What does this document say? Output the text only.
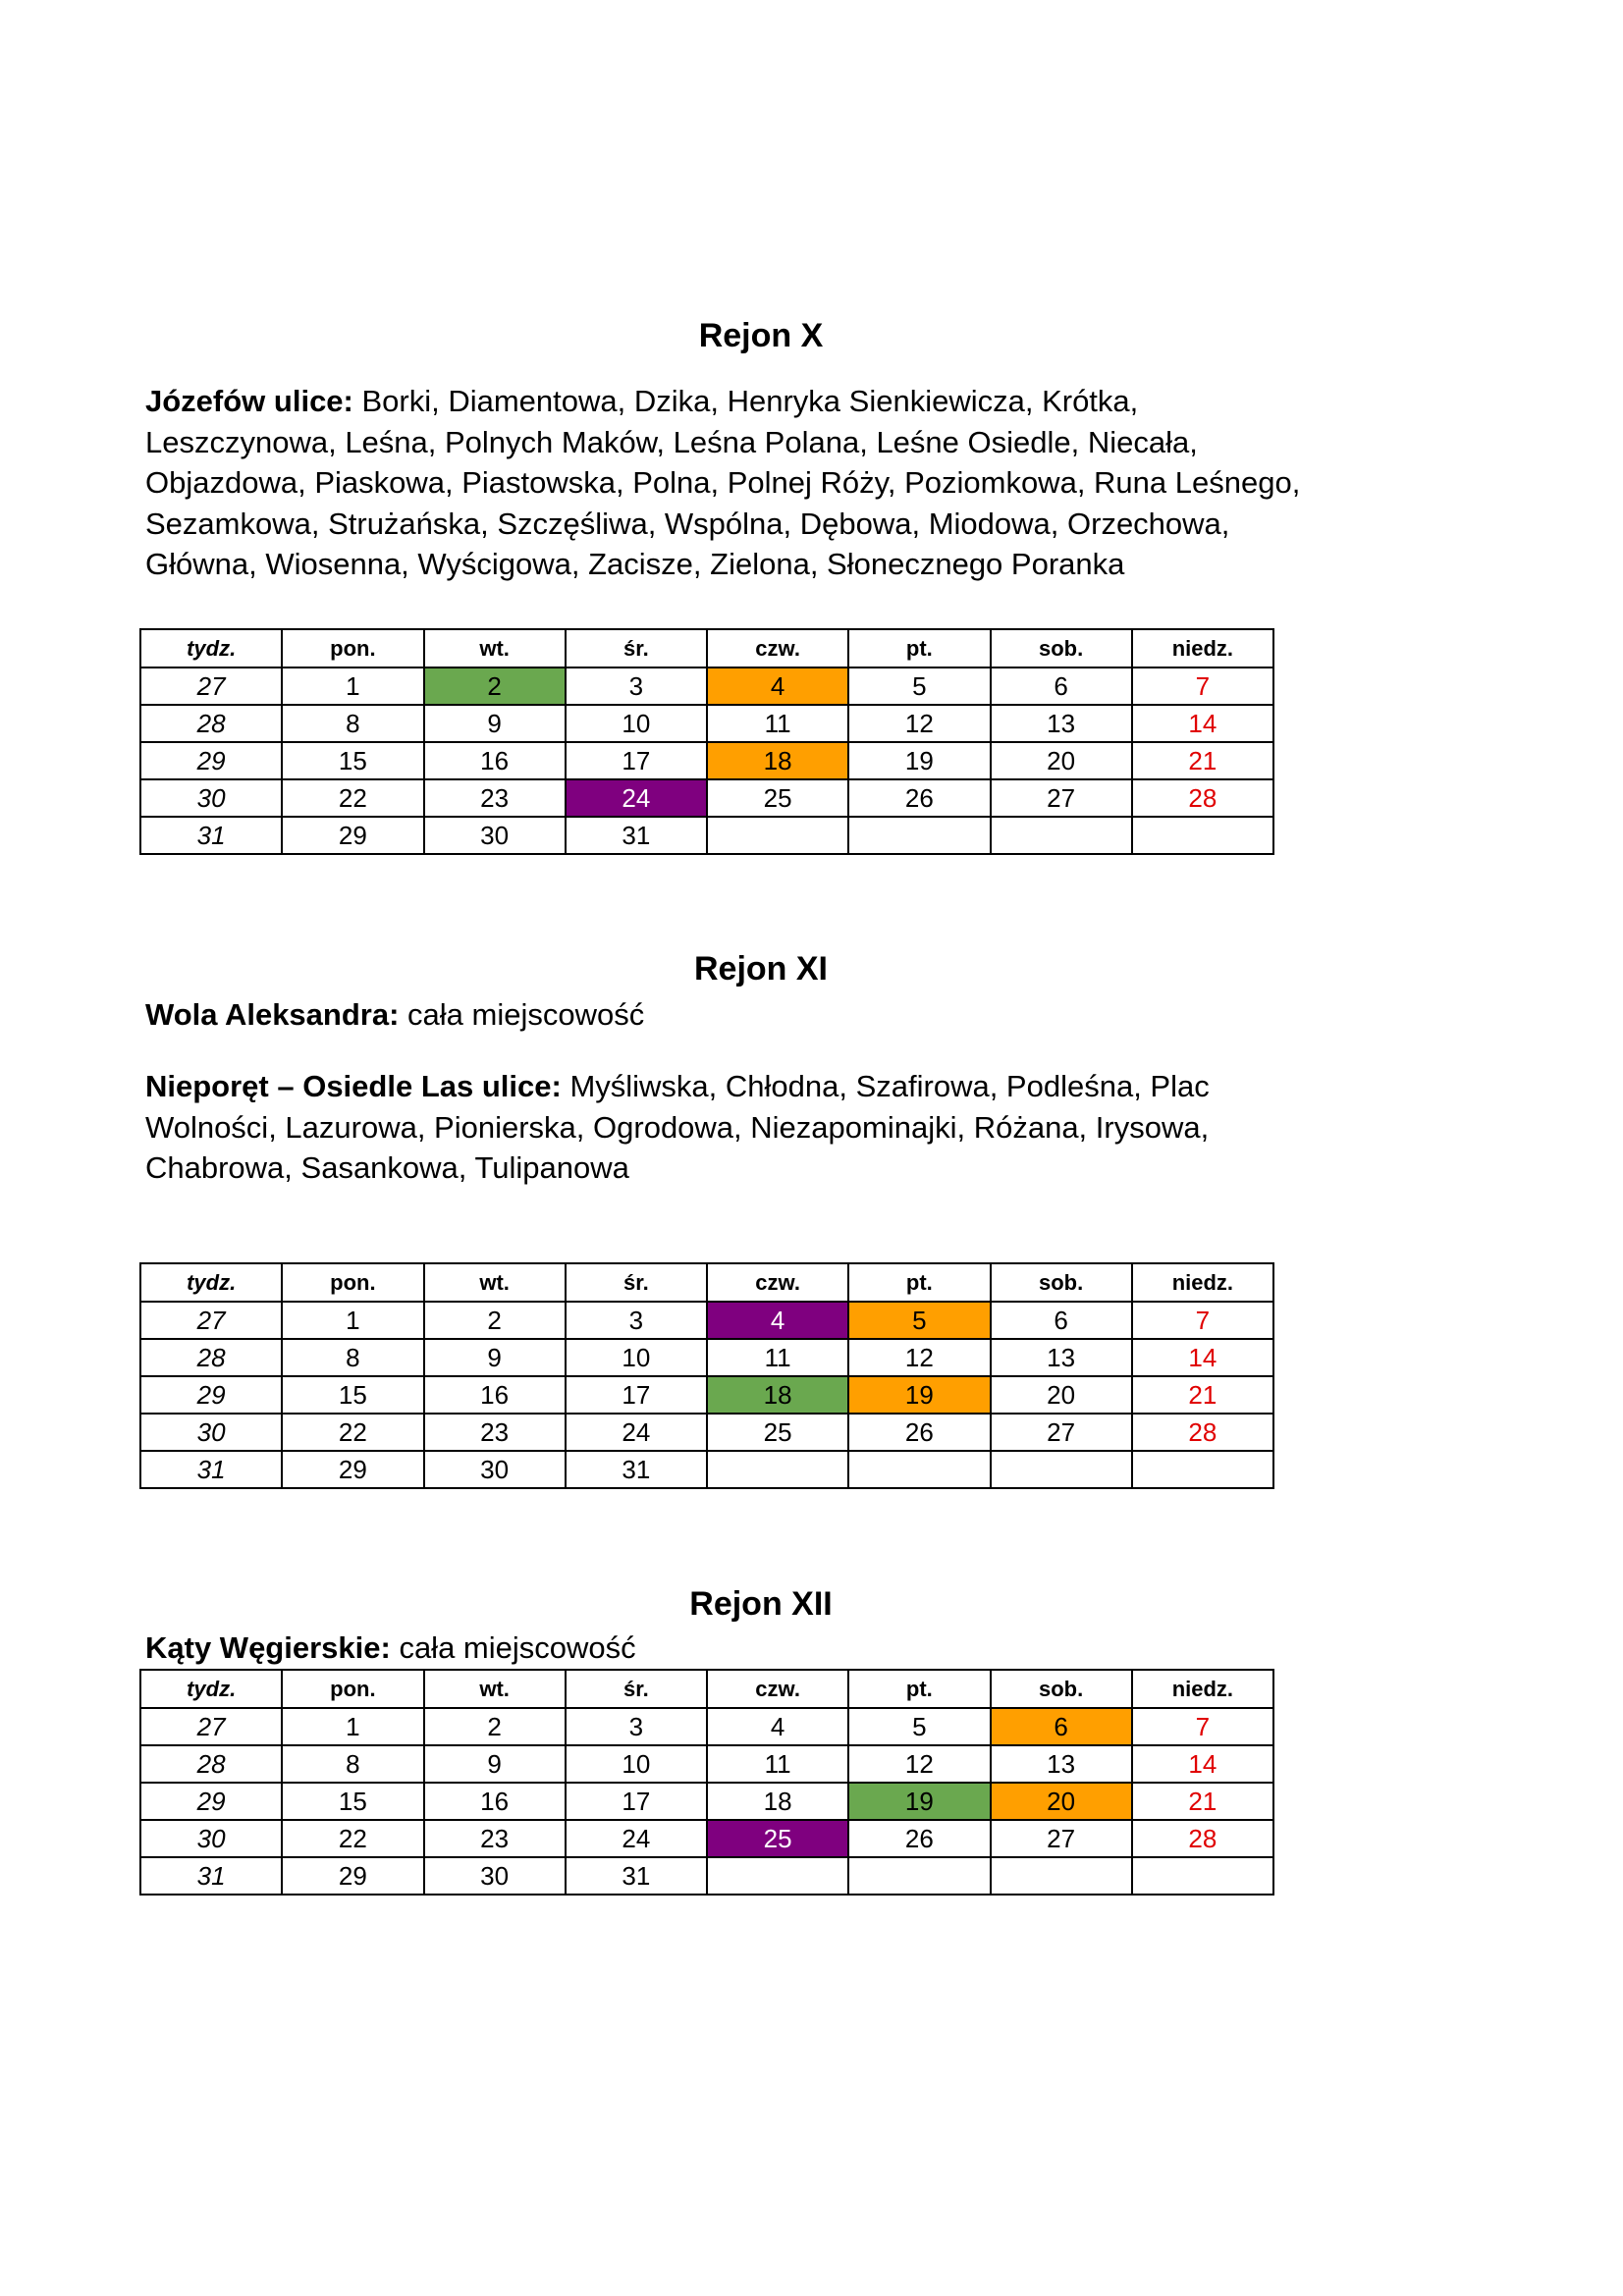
Rejon X
Józefów ulice: Borki, Diamentowa, Dzika, Henryka Sienkiewicza, Krótka, Leszczynowa, Leśna, Polnych Maków, Leśna Polana, Leśne Osiedle, Niecała, Objazdowa, Piaskowa, Piastowska, Polna, Polnej Róży, Poziomkowa, Runa Leśnego, Sezamkowa, Strużańska, Szczęśliwa, Wspólna, Dębowa, Miodowa, Orzechowa, Główna, Wiosenna, Wyścigowa, Zacisze, Zielona, Słonecznego Poranka
tydz.	pon.	wt.	śr.	czw.	pt.	sob.	niedz.
27	1	2	3	4	5	6	7
28	8	9	10	11	12	13	14
29	15	16	17	18	19	20	21
30	22	23	24	25	26	27	28
31	29	30	31				
Rejon XI
Wola Aleksandra: cała miejscowość
Nieporęt – Osiedle Las ulice: Myśliwska, Chłodna, Szafirowa, Podleśna, Plac Wolności, Lazurowa, Pionierska, Ogrodowa, Niezapominajki, Różana, Irysowa, Chabrowa, Sasankowa, Tulipanowa
tydz.	pon.	wt.	śr.	czw.	pt.	sob.	niedz.
27	1	2	3	4	5	6	7
28	8	9	10	11	12	13	14
29	15	16	17	18	19	20	21
30	22	23	24	25	26	27	28
31	29	30	31				
Rejon XII
Kąty Węgierskie: cała miejscowość
tydz.	pon.	wt.	śr.	czw.	pt.	sob.	niedz.
27	1	2	3	4	5	6	7
28	8	9	10	11	12	13	14
29	15	16	17	18	19	20	21
30	22	23	24	25	26	27	28
31	29	30	31				
